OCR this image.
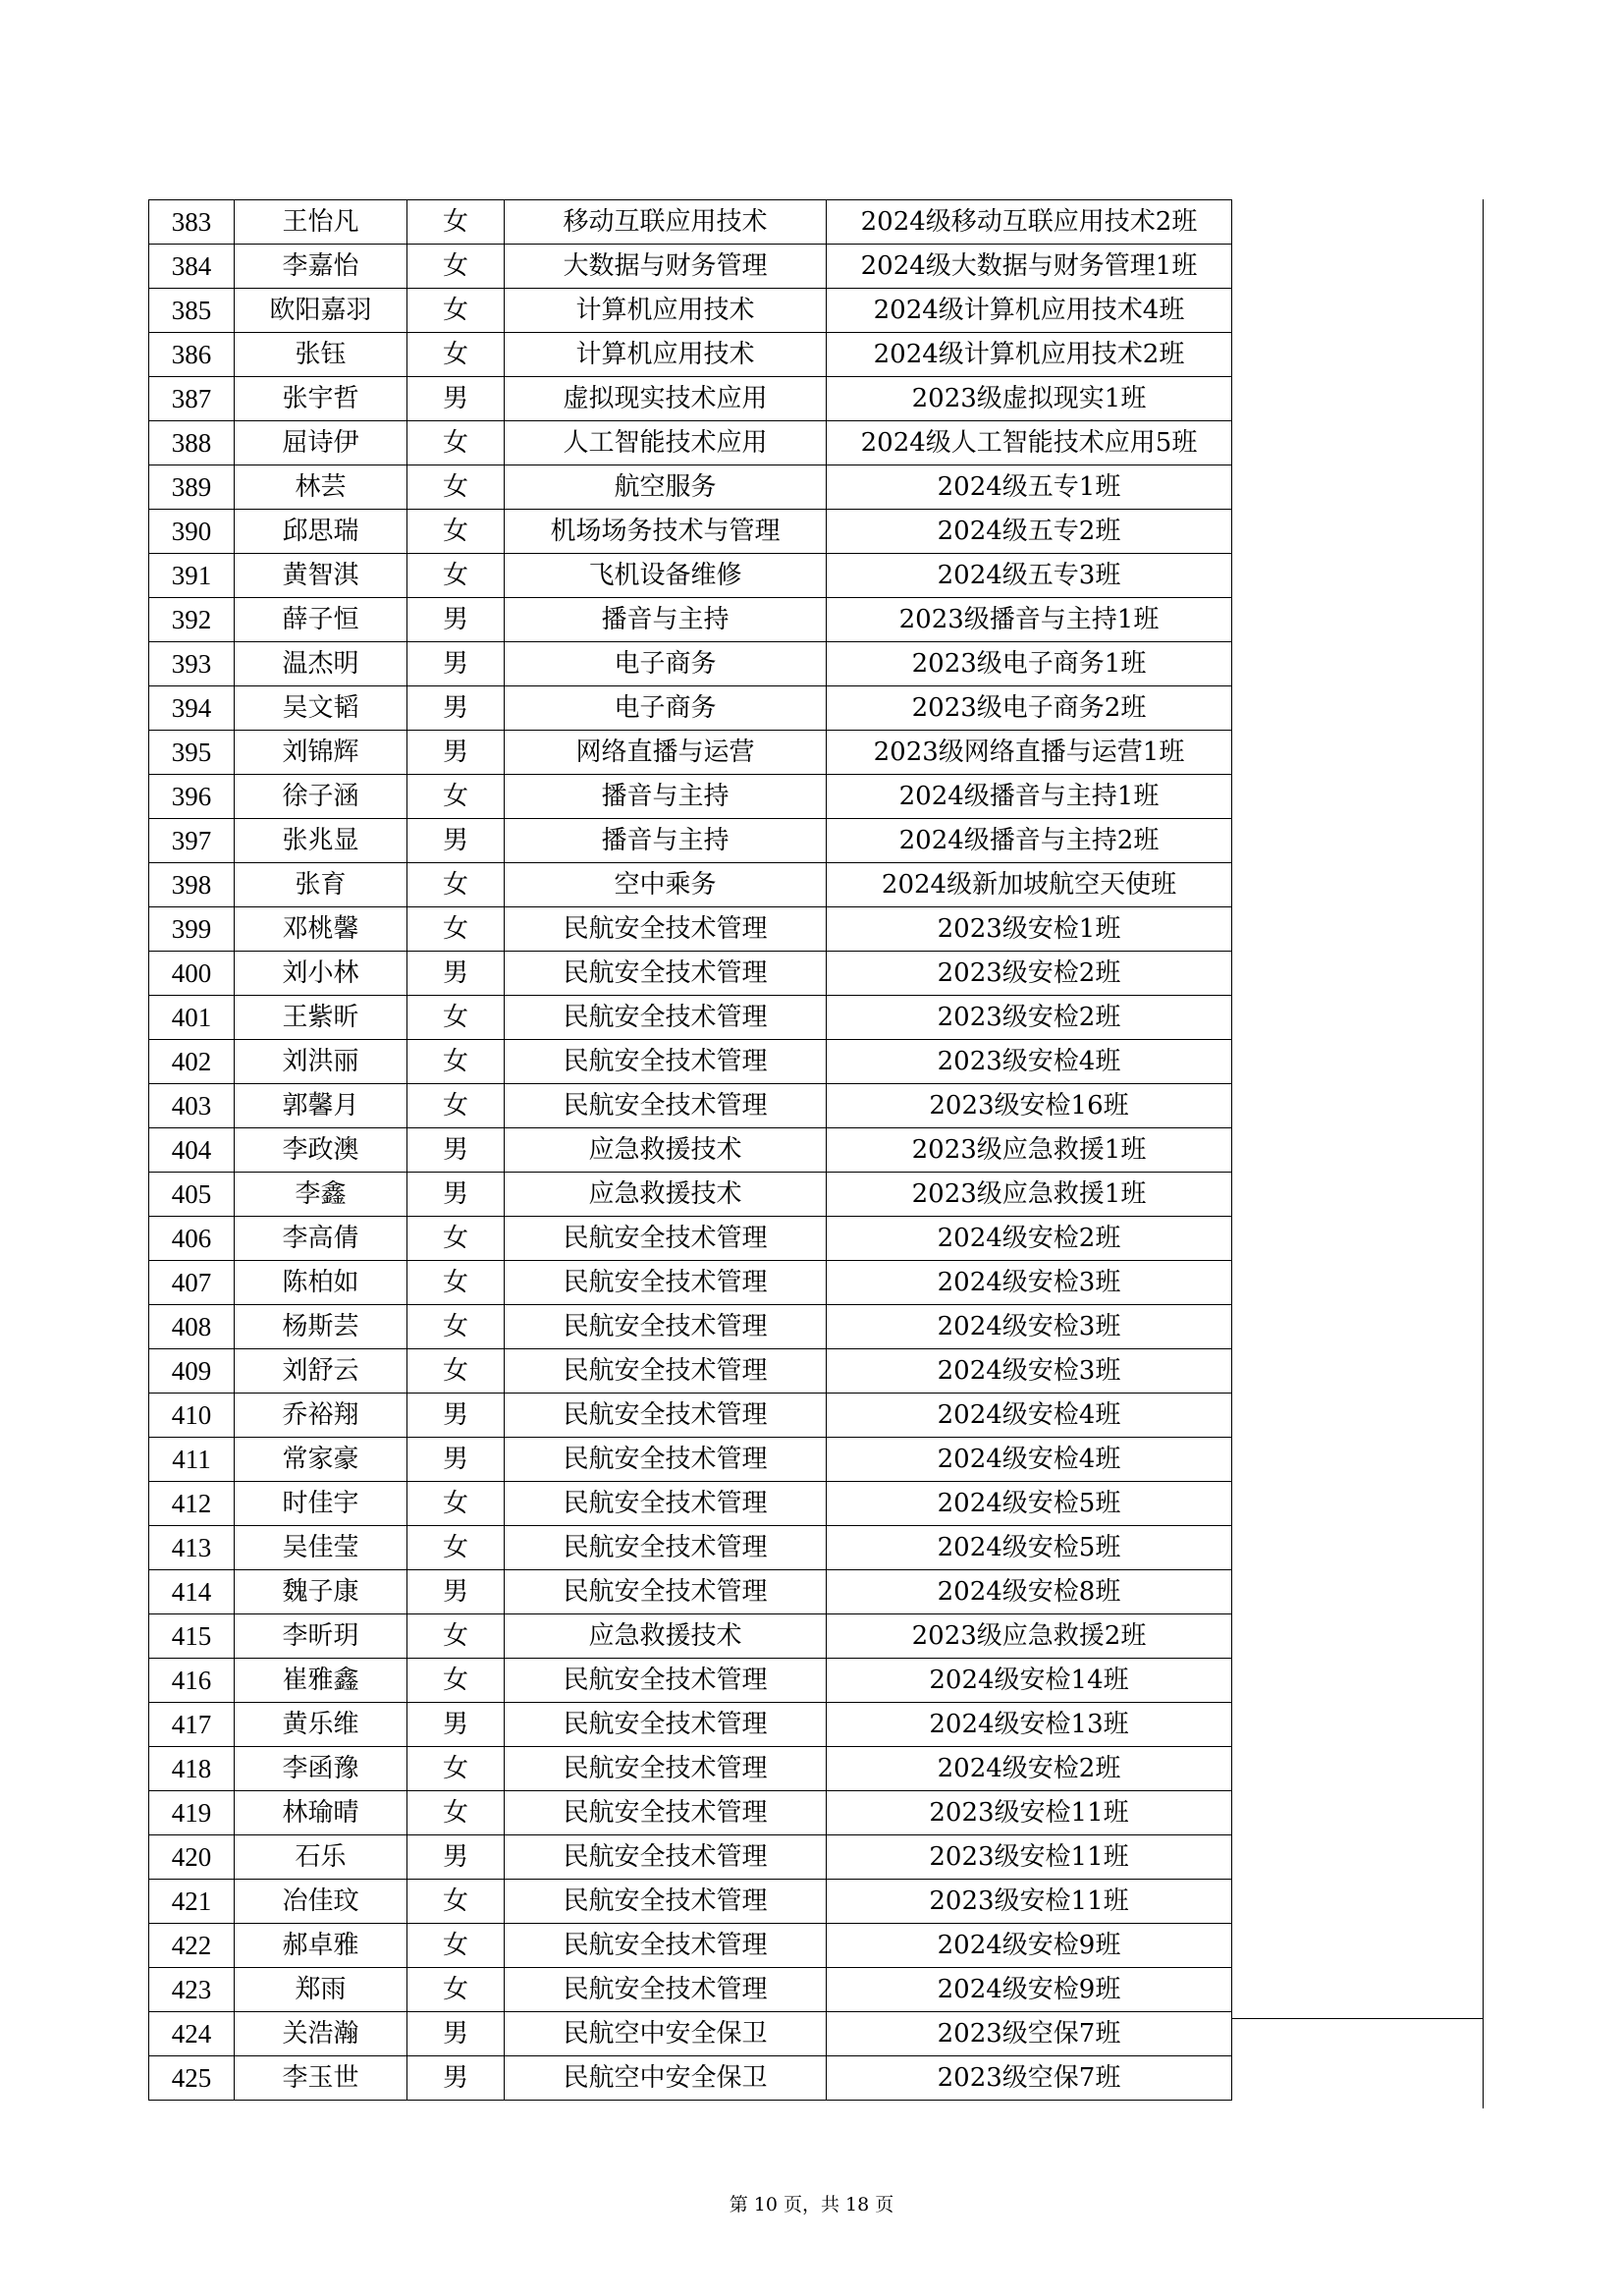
383	王怡凡	女	移动互联应用技术	2024级移动互联应用技术2班
384	李嘉怡	女	大数据与财务管理	2024级大数据与财务管理1班
385	欧阳嘉羽	女	计算机应用技术	2024级计算机应用技术4班
386	张钰	女	计算机应用技术	2024级计算机应用技术2班
387	张宇哲	男	虚拟现实技术应用	2023级虚拟现实1班
388	屈诗伊	女	人工智能技术应用	2024级人工智能技术应用5班
389	林芸	女	航空服务	2024级五专1班
390	邱思瑞	女	机场场务技术与管理	2024级五专2班
391	黄智淇	女	飞机设备维修	2024级五专3班
392	薛子恒	男	播音与主持	2023级播音与主持1班
393	温杰明	男	电子商务	2023级电子商务1班
394	吴文韬	男	电子商务	2023级电子商务2班
395	刘锦辉	男	网络直播与运营	2023级网络直播与运营1班
396	徐子涵	女	播音与主持	2024级播音与主持1班
397	张兆显	男	播音与主持	2024级播音与主持2班
398	张育	女	空中乘务	2024级新加坡航空天使班
399	邓桃馨	女	民航安全技术管理	2023级安检1班
400	刘小林	男	民航安全技术管理	2023级安检2班
401	王紫昕	女	民航安全技术管理	2023级安检2班
402	刘洪丽	女	民航安全技术管理	2023级安检4班
403	郭馨月	女	民航安全技术管理	2023级安检16班
404	李政澳	男	应急救援技术	2023级应急救援1班
405	李鑫	男	应急救援技术	2023级应急救援1班
406	李高倩	女	民航安全技术管理	2024级安检2班
407	陈柏如	女	民航安全技术管理	2024级安检3班
408	杨斯芸	女	民航安全技术管理	2024级安检3班
409	刘舒云	女	民航安全技术管理	2024级安检3班
410	乔裕翔	男	民航安全技术管理	2024级安检4班
411	常家豪	男	民航安全技术管理	2024级安检4班
412	时佳宇	女	民航安全技术管理	2024级安检5班
413	吴佳莹	女	民航安全技术管理	2024级安检5班
414	魏子康	男	民航安全技术管理	2024级安检8班
415	李昕玥	女	应急救援技术	2023级应急救援2班
416	崔雅鑫	女	民航安全技术管理	2024级安检14班
417	黄乐维	男	民航安全技术管理	2024级安检13班
418	李函豫	女	民航安全技术管理	2024级安检2班
419	林瑜晴	女	民航安全技术管理	2023级安检11班
420	石乐	男	民航安全技术管理	2023级安检11班
421	冶佳玟	女	民航安全技术管理	2023级安检11班
422	郝卓雅	女	民航安全技术管理	2024级安检9班
423	郑雨	女	民航安全技术管理	2024级安检9班
424	关浩瀚	男	民航空中安全保卫	2023级空保7班
425	李玉世	男	民航空中安全保卫	2023级空保7班
第 10 页，共 18 页
